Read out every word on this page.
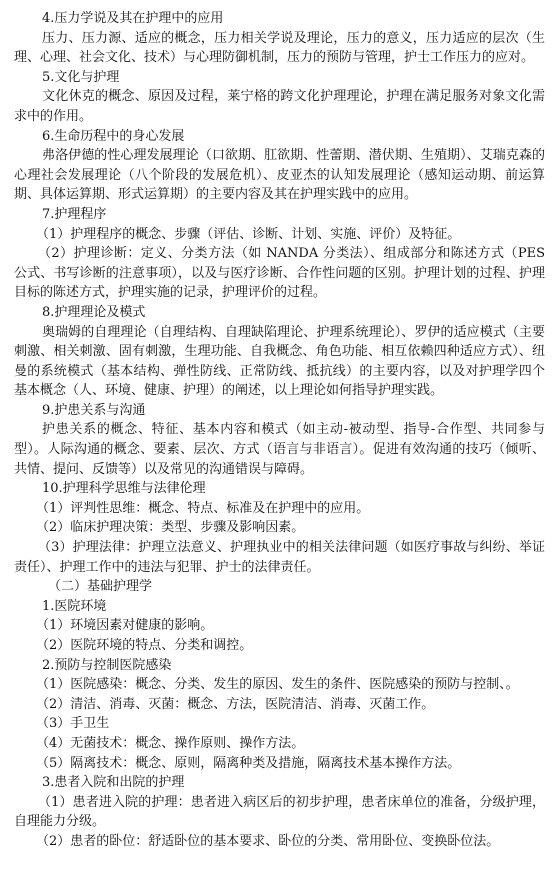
4.压力学说及其在护理中的应用
压力、压力源、适应的概念，压力相关学说及理论，压力的意义，压力适应的层次（生理、心理、社会文化、技术）与心理防御机制，压力的预防与管理，护士工作压力的应对。
5.文化与护理
文化休克的概念、原因及过程，莱宁格的跨文化护理理论，护理在满足服务对象文化需求中的作用。
6.生命历程中的身心发展
弗洛伊德的性心理发展理论（口欲期、肛欲期、性蕾期、潜伏期、生殖期）、艾瑞克森的心理社会发展理论（八个阶段的发展危机）、皮亚杰的认知发展理论（感知运动期、前运算期、具体运算期、形式运算期）的主要内容及其在护理实践中的应用。
7.护理程序
（1）护理程序的概念、步骤（评估、诊断、计划、实施、评价）及特征。
（2）护理诊断：定义、分类方法（如 NANDA 分类法）、组成部分和陈述方式（PES 公式、书写诊断的注意事项），以及与医疗诊断、合作性问题的区别。护理计划的过程、护理目标的陈述方式，护理实施的记录，护理评价的过程。
8.护理理论及模式
奥瑞姆的自理理论（自理结构、自理缺陷理论、护理系统理论）、罗伊的适应模式（主要刺激、相关刺激、固有刺激，生理功能、自我概念、角色功能、相互依赖四种适应方式）、纽曼的系统模式（基本结构、弹性防线、正常防线、抵抗线）的主要内容，以及对护理学四个基本概念（人、环境、健康、护理）的阐述，以上理论如何指导护理实践。
9.护患关系与沟通
护患关系的概念、特征、基本内容和模式（如主动-被动型、指导-合作型、共同参与型）。人际沟通的概念、要素、层次、方式（语言与非语言）。促进有效沟通的技巧（倾听、共情、提问、反馈等）以及常见的沟通错误与障碍。
10.护理科学思维与法律伦理
（1）评判性思维：概念、特点、标准及在护理中的应用。
（2）临床护理决策：类型、步骤及影响因素。
（3）护理法律：护理立法意义、护理执业中的相关法律问题（如医疗事故与纠纷、举证责任）、护理工作中的违法与犯罪、护士的法律责任。
（二）基础护理学
1.医院环境
（1）环境因素对健康的影响。
（2）医院环境的特点、分类和调控。
2.预防与控制医院感染
（1）医院感染：概念、分类、发生的原因、发生的条件、医院感染的预防与控制、。
（2）清洁、消毒、灭菌：概念、方法，医院清洁、消毒、灭菌工作。
（3）手卫生
（4）无菌技术：概念、操作原则、操作方法。
（5）隔离技术：概念、原则，隔离种类及措施，隔离技术基本操作方法。
3.患者入院和出院的护理
（1）患者进入院的护理：患者进入病区后的初步护理，患者床单位的准备，分级护理，自理能力分级。
（2）患者的卧位：舒适卧位的基本要求、卧位的分类、常用卧位、变换卧位法。
